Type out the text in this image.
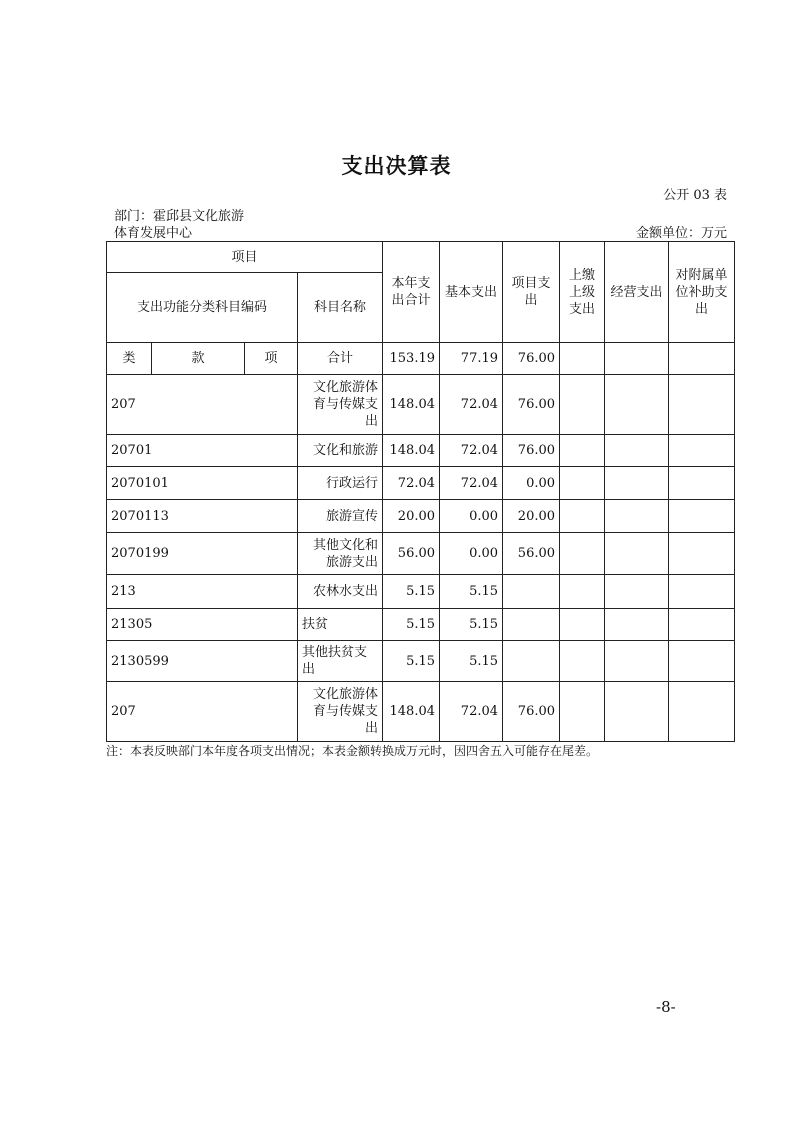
支出决算表
公开 03 表
部门：霍邱县文化旅游
体育发展中心	金额单位：万元
项目				本年支出合计	基本支出	项目支出	上缴上级支出	经营支出	对附属单位补助支出
支出功能分类科目编码			科目名称						
类	款	项	合计	153.19	77.19	76.00			
207			文化旅游体育与传媒支出	148.04	72.04	76.00			
20701			文化和旅游	148.04	72.04	76.00			
2070101			行政运行	72.04	72.04	0.00			
2070113			旅游宣传	20.00	0.00	20.00			
2070199			其他文化和旅游支出	56.00	0.00	56.00			
213			农林水支出	5.15	5.15				
21305			扶贫	5.15	5.15				
2130599			其他扶贫支出	5.15	5.15				
207			文化旅游体育与传媒支出	148.04	72.04	76.00			
注：本表反映部门本年度各项支出情况；本表金额转换成万元时，因四舍五入可能存在尾差。
-8-
